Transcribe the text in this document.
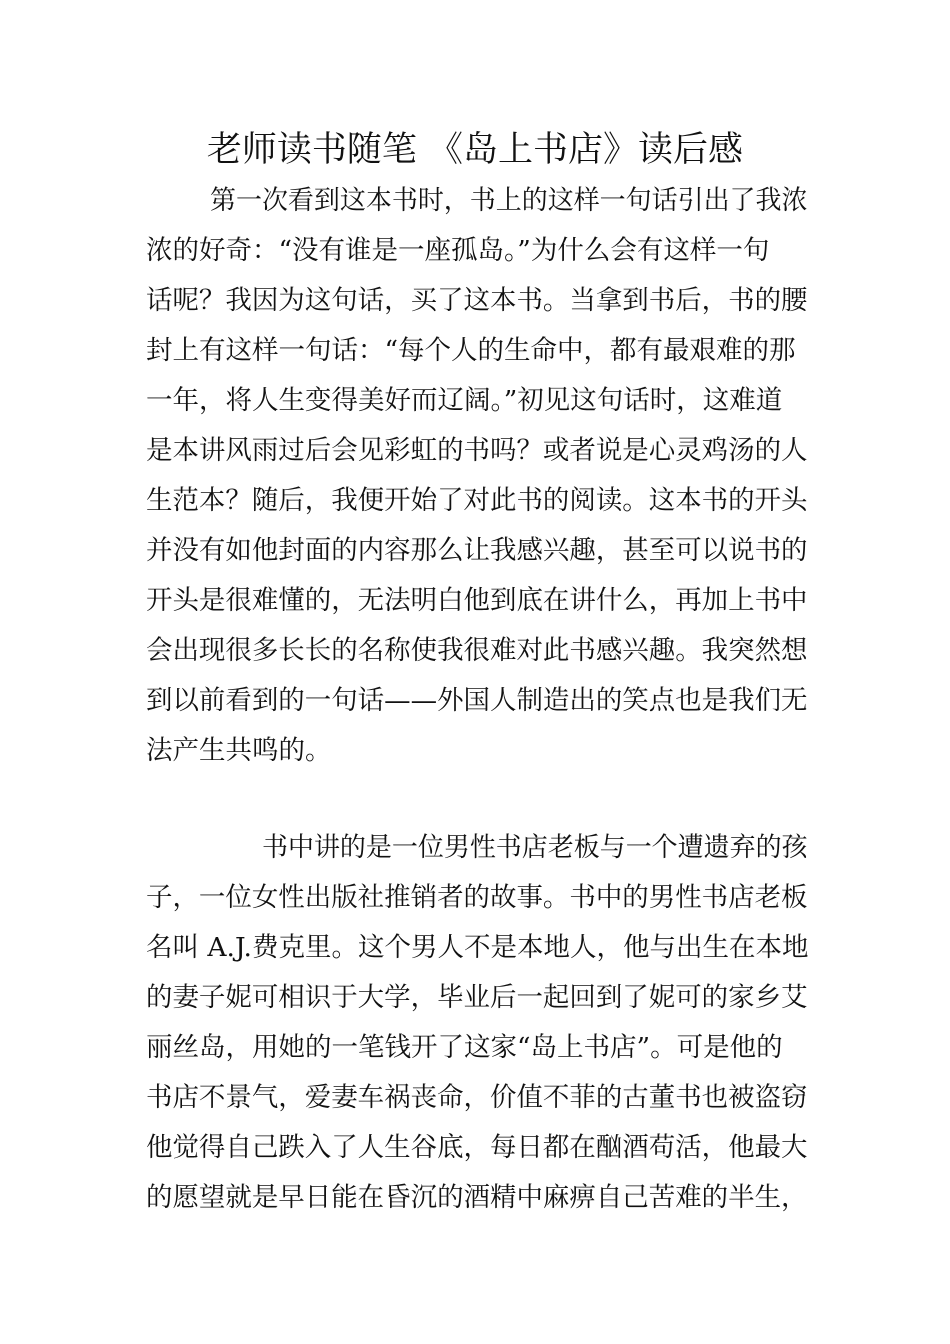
老师读书随笔 《岛上书店》读后感
第一次看到这本书时，书上的这样一句话引出了我浓
浓的好奇：“没有谁是一座孤岛。”为什么会有这样一句
话呢？我因为这句话，买了这本书。当拿到书后，书的腰
封上有这样一句话：“每个人的生命中，都有最艰难的那
一年，将人生变得美好而辽阔。”初见这句话时，这难道
是本讲风雨过后会见彩虹的书吗？或者说是心灵鸡汤的人
生范本？随后，我便开始了对此书的阅读。这本书的开头
并没有如他封面的内容那么让我感兴趣，甚至可以说书的
开头是很难懂的，无法明白他到底在讲什么，再加上书中
会出现很多长长的名称使我很难对此书感兴趣。我突然想
到以前看到的一句话——外国人制造出的笑点也是我们无
法产生共鸣的。
书中讲的是一位男性书店老板与一个遭遗弃的孩
子，一位女性出版社推销者的故事。书中的男性书店老板
名叫 A.J.费克里。这个男人不是本地人，他与出生在本地
的妻子妮可相识于大学，毕业后一起回到了妮可的家乡艾
丽丝岛，用她的一笔钱开了这家“岛上书店”。可是他的
书店不景气，爱妻车祸丧命，价值不菲的古董书也被盗窃
他觉得自己跌入了人生谷底，每日都在酗酒苟活，他最大
的愿望就是早日能在昏沉的酒精中麻痹自己苦难的半生，
